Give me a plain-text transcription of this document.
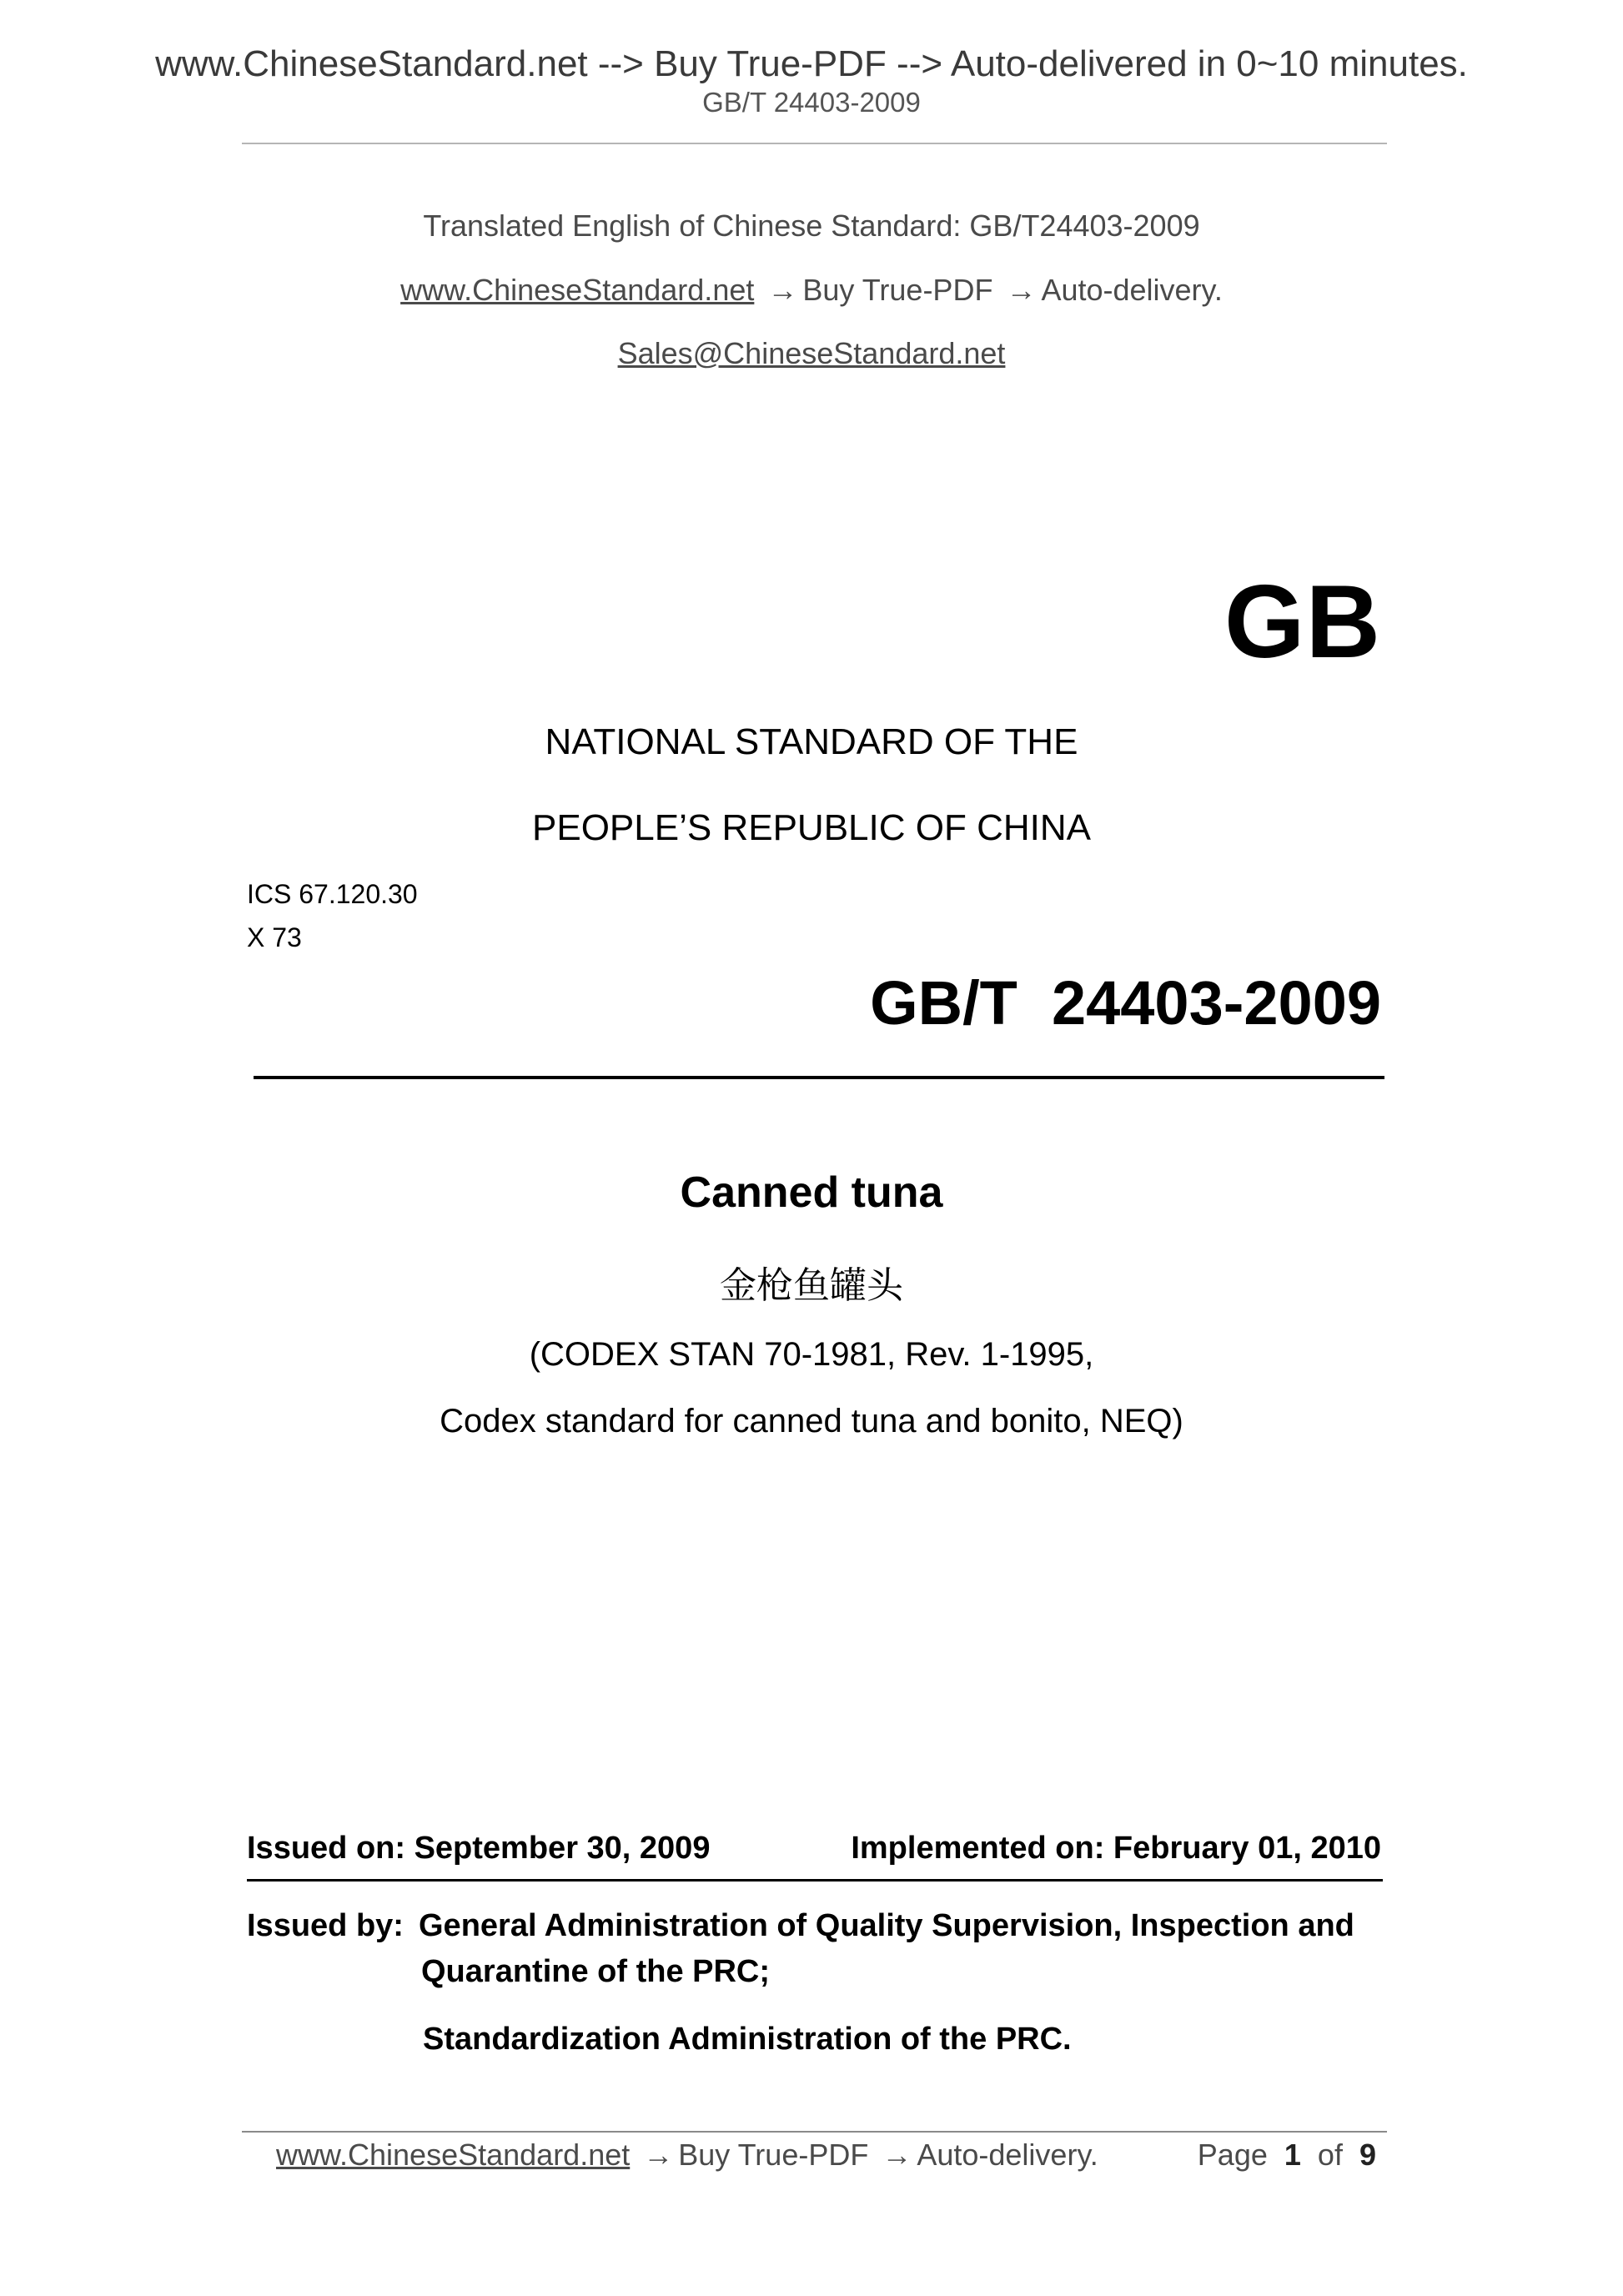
www.ChineseStandard.net --> Buy True-PDF --> Auto-delivered in 0~10 minutes.
GB/T 24403-2009
Translated English of Chinese Standard: GB/T24403-2009
www.ChineseStandard.net → Buy True-PDF → Auto-delivery.
Sales@ChineseStandard.net
GB
NATIONAL STANDARD OF THE
PEOPLE’S REPUBLIC OF CHINA
ICS 67.120.30
X 73
GB/T  24403-2009
Canned tuna
金枪鱼罐头
(CODEX STAN 70-1981, Rev. 1-1995,
Codex standard for canned tuna and bonito, NEQ)
Issued on: September 30, 2009	Implemented on: February 01, 2010
Issued by: General Administration of Quality Supervision, Inspection and
Quarantine of the PRC;
Standardization Administration of the PRC.
www.ChineseStandard.net → Buy True-PDF → Auto-delivery.	Page 1 of 9
